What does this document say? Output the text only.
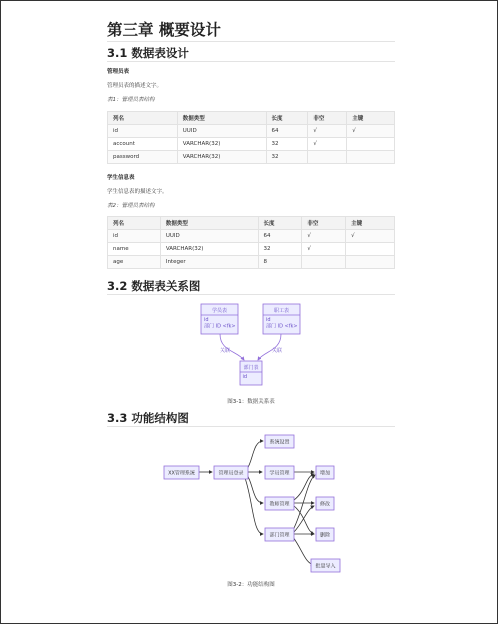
第三章 概要设计
3.1 数据表设计
管理员表
管理员表的描述文字。
表1：管理员表结构
列名	数据类型	长度	非空	主键
id	UUID	64	√	√
account	VARCHAR(32)	32	√	
password	VARCHAR(32)	32		
学生信息表
学生信息表的描述文字。
表2：管理员表结构
列名	数据类型	长度	非空	主键
id	UUID	64	√	√
name	VARCHAR(32)	32	√	
age	Integer	8		
3.2 数据表关系图
3.3 功能结构图
图3-1：数据关系表
图3-2：功能结构图
学员表
id
部门 ID <fk>
职工表
id
部门 ID <fk>
部门表
id
关联	关联
XX管理系统	管理员登录
系统设置
学员管理
教师管理
部门管理
增加
修改
删除
批量导入
